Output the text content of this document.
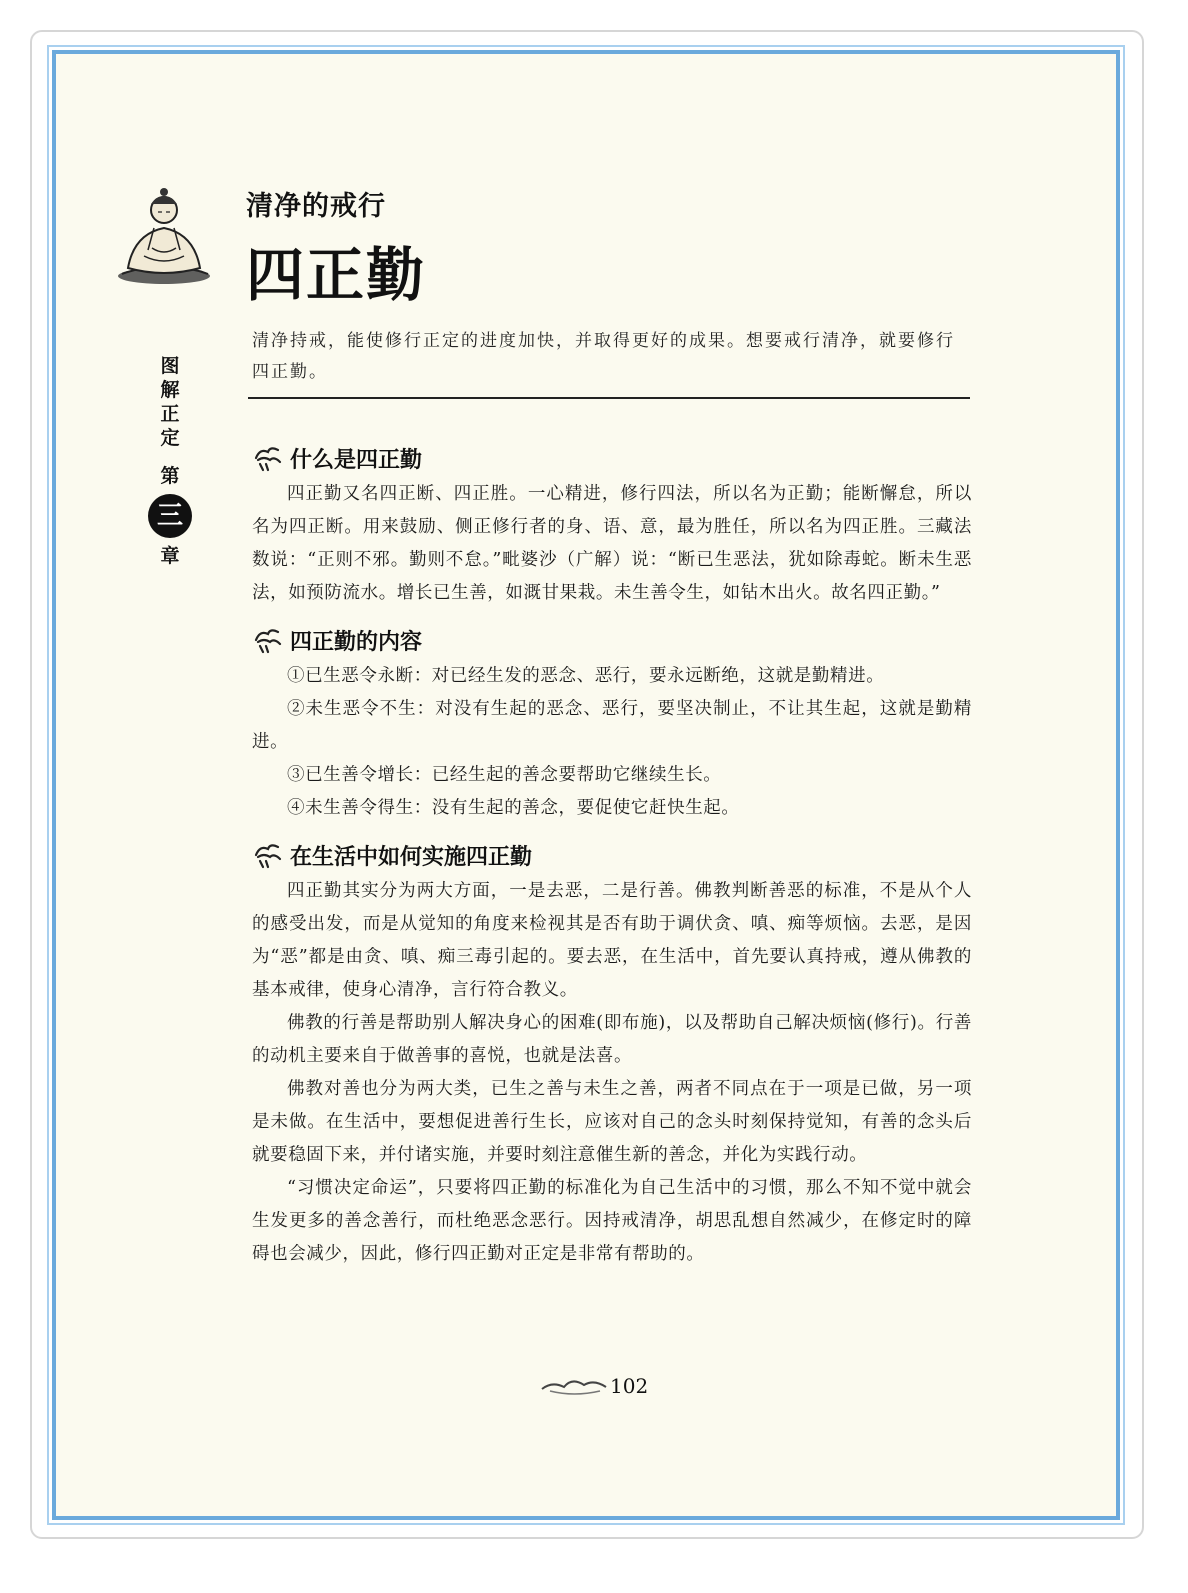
图
解
正
定
第
三
章
清净的戒行
四正勤
清净持戒，能使修行正定的进度加快，并取得更好的成果。想要戒行清净，就要修行四正勤。
什么是四正勤

四正勤又名四正断、四正胜。一心精进，修行四法，所以名为正勤；能断懈怠，所以名为四正断。用来鼓励、侧正修行者的身、语、意，最为胜任，所以名为四正胜。三藏法数说：“正则不邪。勤则不怠。”毗婆沙（广解）说：“断已生恶法，犹如除毒蛇。断未生恶法，如预防流水。增长已生善，如溉甘果栽。未生善令生，如钻木出火。故名四正勤。”

四正勤的内容

①已生恶令永断：对已经生发的恶念、恶行，要永远断绝，这就是勤精进。

②未生恶令不生：对没有生起的恶念、恶行，要坚决制止，不让其生起，这就是勤精进。

③已生善令增长：已经生起的善念要帮助它继续生长。

④未生善令得生：没有生起的善念，要促使它赶快生起。

在生活中如何实施四正勤

四正勤其实分为两大方面，一是去恶，二是行善。佛教判断善恶的标准，不是从个人的感受出发，而是从觉知的角度来检视其是否有助于调伏贪、嗔、痴等烦恼。去恶，是因为“恶”都是由贪、嗔、痴三毒引起的。要去恶，在生活中，首先要认真持戒，遵从佛教的基本戒律，使身心清净，言行符合教义。

佛教的行善是帮助别人解决身心的困难(即布施)，以及帮助自己解决烦恼(修行)。行善的动机主要来自于做善事的喜悦，也就是法喜。

佛教对善也分为两大类，已生之善与未生之善，两者不同点在于一项是已做，另一项是未做。在生活中，要想促进善行生长，应该对自己的念头时刻保持觉知，有善的念头后就要稳固下来，并付诸实施，并要时刻注意催生新的善念，并化为实践行动。

“习惯决定命运”，只要将四正勤的标准化为自己生活中的习惯，那么不知不觉中就会生发更多的善念善行，而杜绝恶念恶行。因持戒清净，胡思乱想自然减少，在修定时的障碍也会减少，因此，修行四正勤对正定是非常有帮助的。

102
